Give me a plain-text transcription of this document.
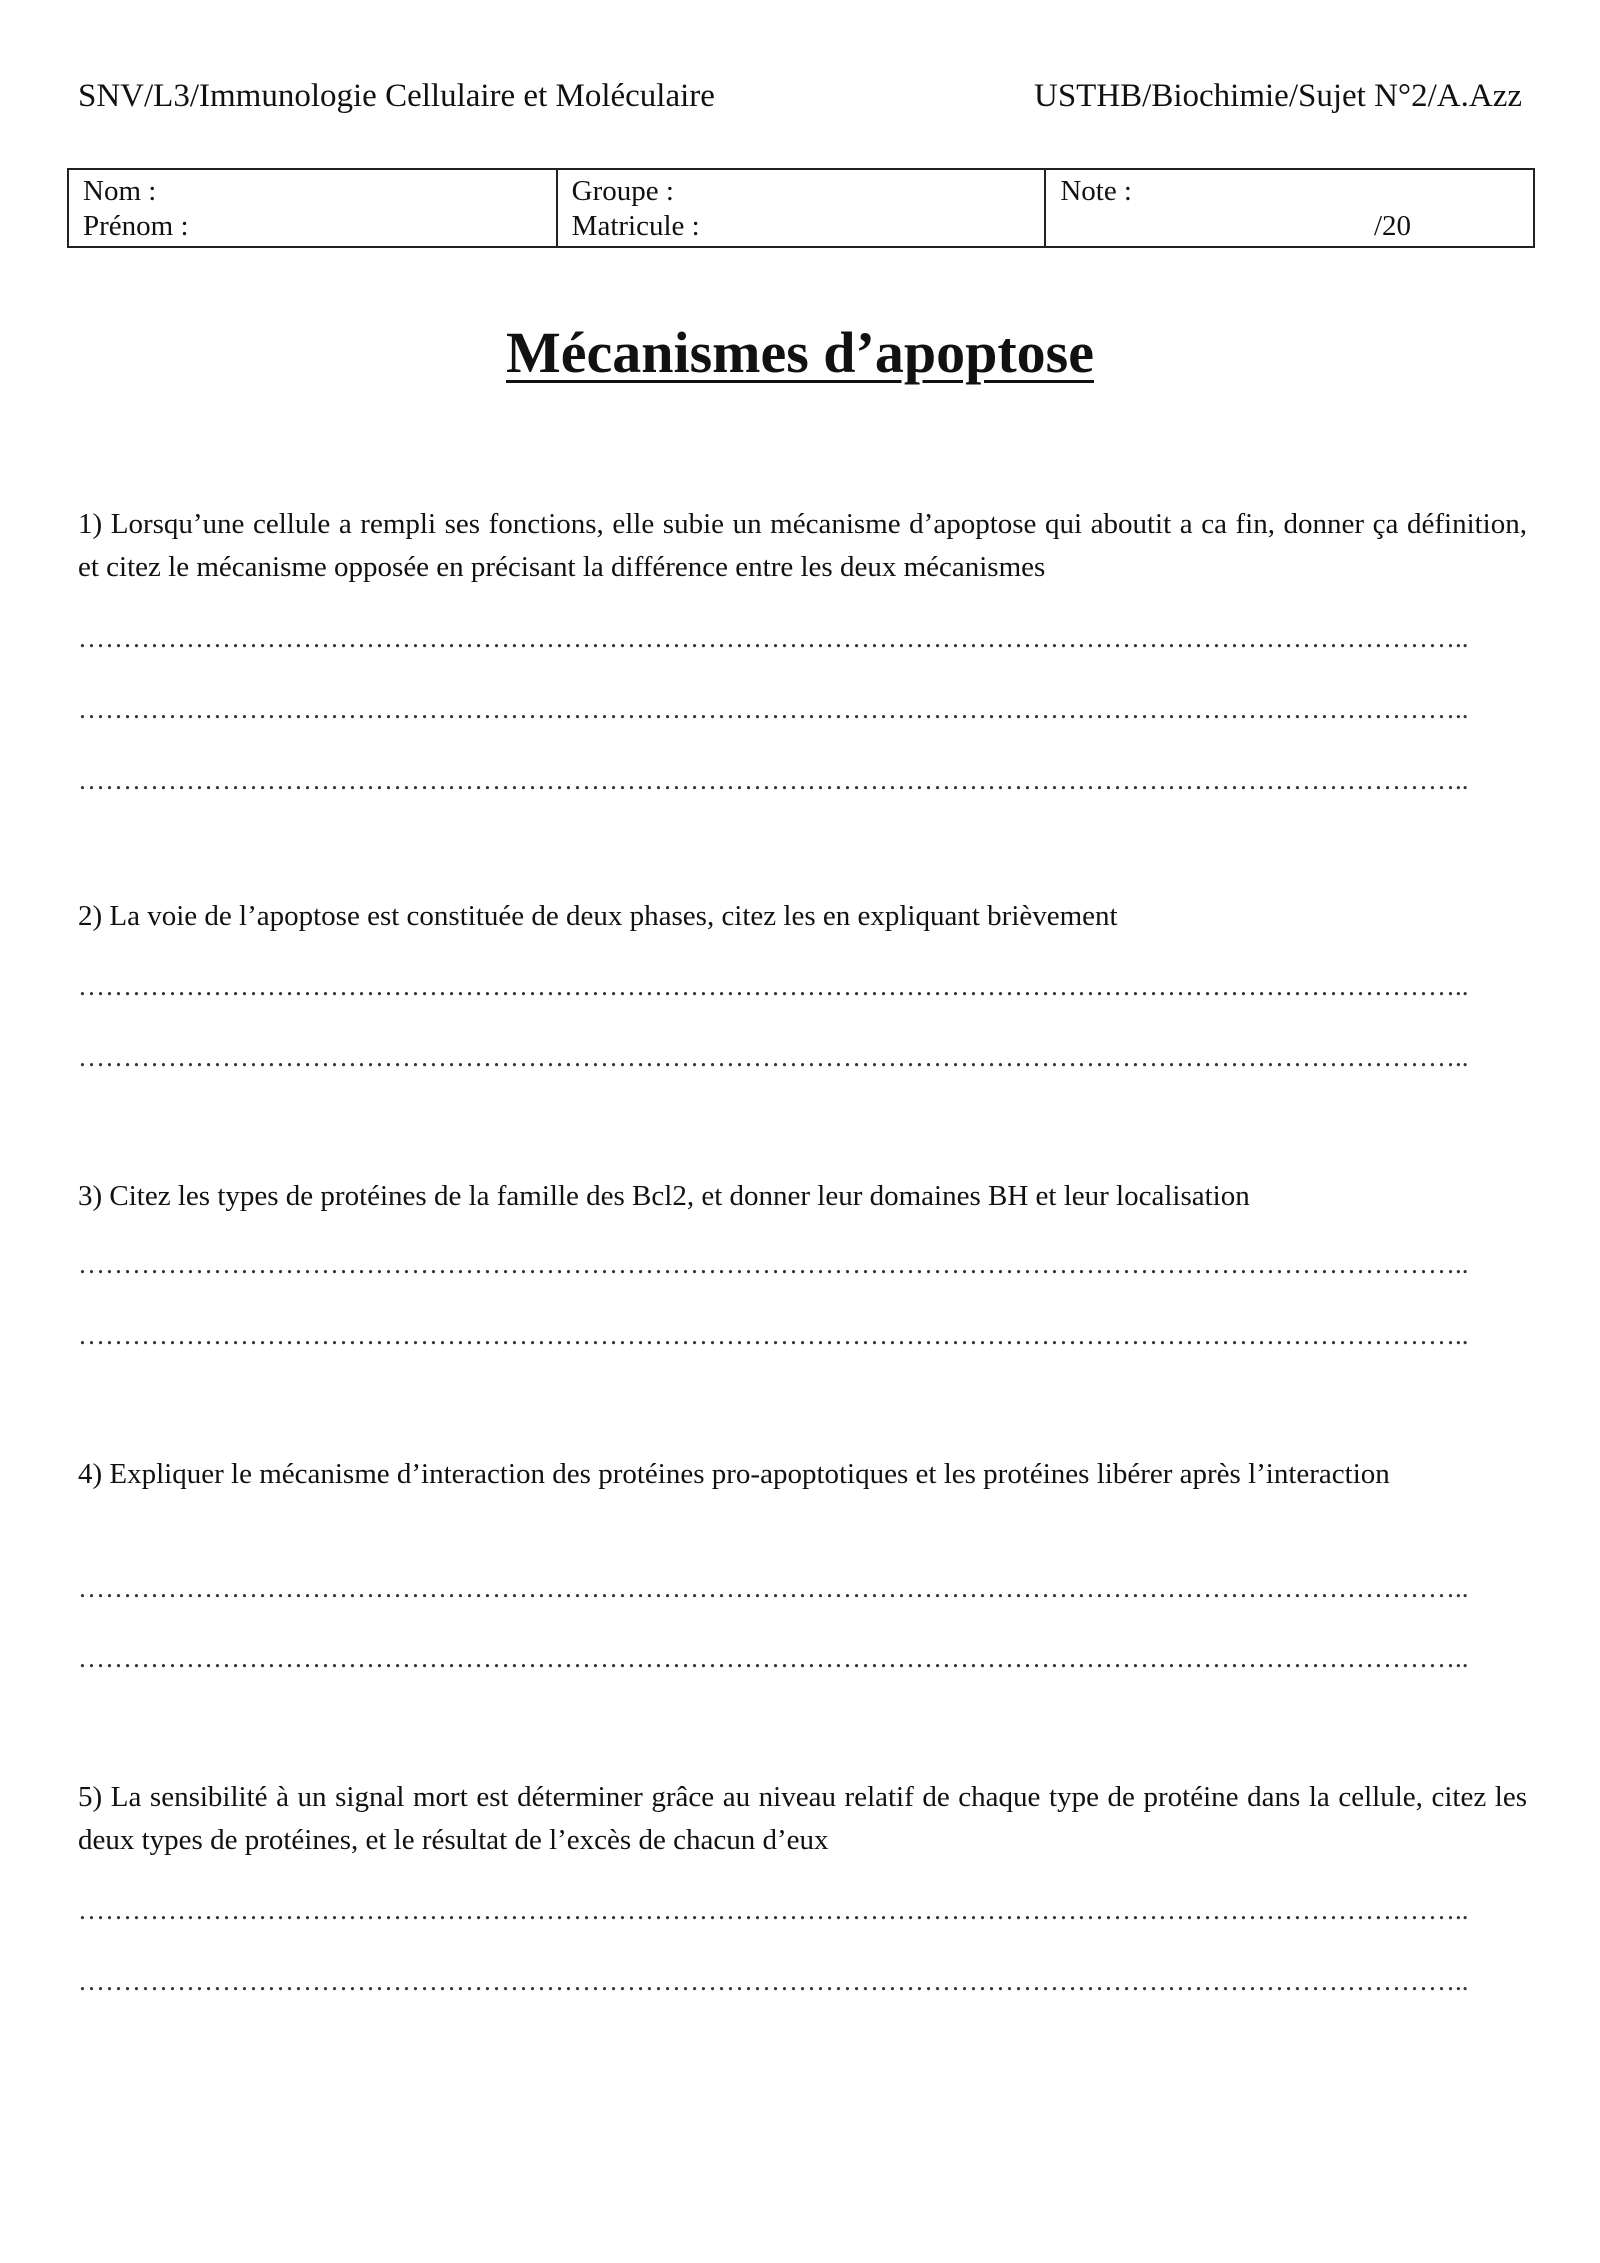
SNV/L3/Immunologie Cellulaire et Moléculaire	USTHB/Biochimie/Sujet N°2/A.Azz
Nom :
Prénom :

Groupe :
Matricule :

Note :
/20
Mécanismes d’apoptose
1) Lorsqu’une cellule a rempli ses fonctions, elle subie un mécanisme d’apoptose qui aboutit a ca fin, donner ça définition, et citez le mécanisme opposée en précisant la différence entre les deux mécanismes
………………………………………………………………………………………………………………………………………..
………………………………………………………………………………………………………………………………………..
………………………………………………………………………………………………………………………………………..
2) La voie de l’apoptose est constituée de deux phases, citez les en expliquant brièvement
………………………………………………………………………………………………………………………………………..
………………………………………………………………………………………………………………………………………..
3) Citez les types de protéines de la famille des Bcl2, et donner leur domaines BH et leur localisation
………………………………………………………………………………………………………………………………………..
………………………………………………………………………………………………………………………………………..
4) Expliquer le mécanisme d’interaction des protéines pro-apoptotiques et les protéines libérer après l’interaction
………………………………………………………………………………………………………………………………………..
………………………………………………………………………………………………………………………………………..
5) La sensibilité à un signal mort est déterminer grâce au niveau relatif de chaque type de protéine dans la cellule, citez les deux types de protéines, et le résultat de l’excès de chacun d’eux
………………………………………………………………………………………………………………………………………..
………………………………………………………………………………………………………………………………………..
